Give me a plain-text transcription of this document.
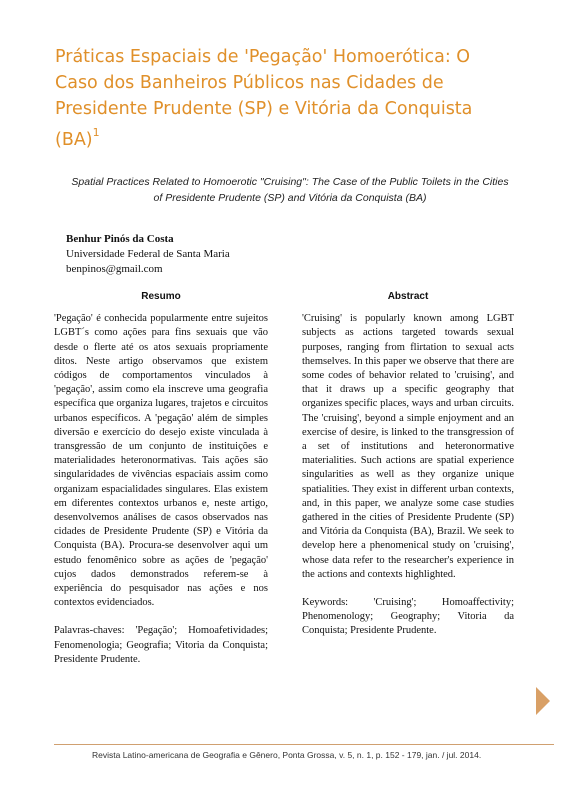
Práticas Espaciais de 'Pegação' Homoerótica: O Caso dos Banheiros Públicos nas Cidades de Presidente Prudente (SP) e Vitória da Conquista (BA)$^1$
Spatial Practices Related to Homoerotic "Cruising": The Case of the Public Toilets in the Cities of Presidente Prudente (SP) and Vitória da Conquista (BA)
Benhur Pinós da Costa
Universidade Federal de Santa Maria
benpinos@gmail.com
Resumo

'Pegação' é conhecida popularmente entre sujeitos LGBT´s como ações para fins sexuais que vão desde o flerte até os atos sexuais propriamente ditos. Neste artigo observamos que existem códigos de comportamentos vinculados à 'pegação', assim como ela inscreve uma geografia específica que organiza lugares, trajetos e circuitos urbanos específicos. A 'pegação' além de simples diversão e exercício do desejo existe vinculada à transgressão de um conjunto de instituições e materialidades heteronormativas. Tais ações são singularidades de vivências espaciais assim como organizam espacialidades singulares. Elas existem em diferentes contextos urbanos e, neste artigo, desenvolvemos análises de casos observados nas cidades de Presidente Prudente (SP) e Vitória da Conquista (BA). Procura-se desenvolver aqui um estudo fenomênico sobre as ações de 'pegação' cujos dados demonstrados referem-se à experiência do pesquisador nas ações e nos contextos evidenciados.

Palavras-chaves: 'Pegação'; Homoafetividades; Fenomenologia; Geografia; Vitoria da Conquista; Presidente Prudente.

Abstract

'Cruising' is popularly known among LGBT subjects as actions targeted towards sexual purposes, ranging from flirtation to sexual acts themselves. In this paper we observe that there are some codes of behavior related to 'cruising', and that it draws up a specific geography that organizes specific places, ways and urban circuits. The 'cruising', beyond a simple enjoyment and an exercise of desire, is linked to the transgression of a set of institutions and heteronormative materialities. Such actions are spatial experience singularities as well as they organize unique spatialities. They exist in different urban contexts, and, in this paper, we analyze some case studies gathered in the cities of Presidente Prudente (SP) and Vitória da Conquista (BA), Brazil. We seek to develop here a phenomenical study on 'cruising', whose data refer to the researcher's experience in the actions and contexts highlighted.

Keywords: 'Cruising'; Homoaffectivity; Phenomenology; Geography; Vitoria da Conquista; Presidente Prudente.

Revista Latino-americana de Geografia e Gênero, Ponta Grossa, v. 5, n. 1, p. 152 - 179, jan. / jul. 2014.
